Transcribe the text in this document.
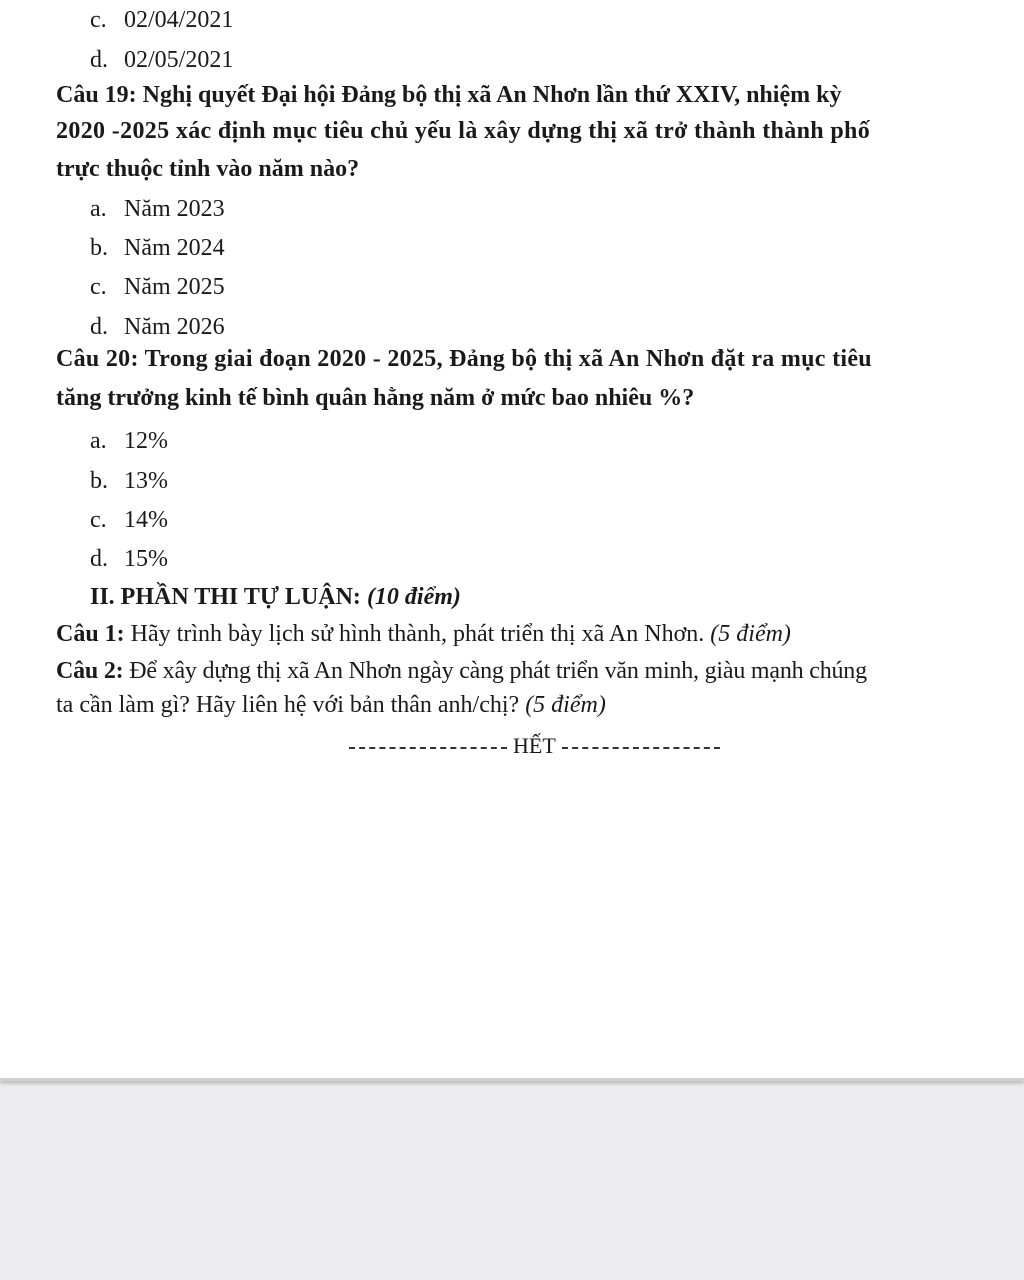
c. 02/04/2021
d. 02/05/2021
Câu 19: Nghị quyết Đại hội Đảng bộ thị xã An Nhơn lần thứ XXIV, nhiệm kỳ
2020 -2025 xác định mục tiêu chủ yếu là xây dựng thị xã trở thành thành phố
trực thuộc tỉnh vào năm nào?
a. Năm 2023
b. Năm 2024
c. Năm 2025
d. Năm 2026
Câu 20: Trong giai đoạn 2020 - 2025, Đảng bộ thị xã An Nhơn đặt ra mục tiêu
tăng trưởng kinh tế bình quân hằng năm ở mức bao nhiêu %?
a. 12%
b. 13%
c. 14%
d. 15%
II. PHẦN THI TỰ LUẬN: (10 điểm)
Câu 1: Hãy trình bày lịch sử hình thành, phát triển thị xã An Nhơn. (5 điểm)
Câu 2: Để xây dựng thị xã An Nhơn ngày càng phát triển văn minh, giàu mạnh chúng
ta cần làm gì? Hãy liên hệ với bản thân anh/chị? (5 điểm)
HẾT
